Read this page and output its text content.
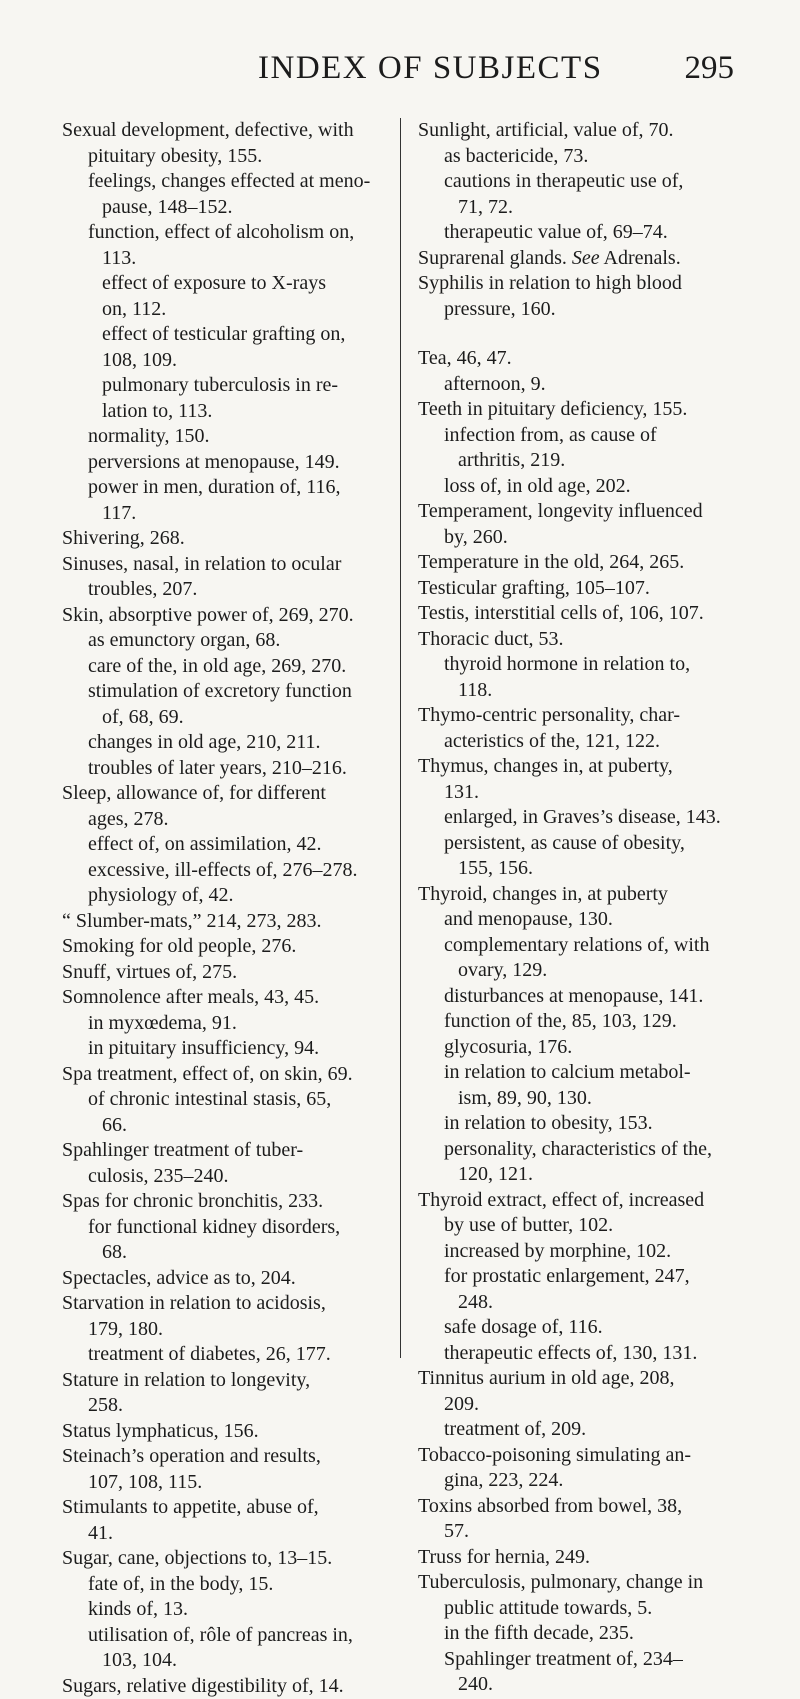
INDEX OF SUBJECTS 295
Sexual development, defective, with
pituitary obesity, 155.
feelings, changes effected at meno-
pause, 148–152.
function, effect of alcoholism on,
113.
effect of exposure to X-rays
on, 112.
effect of testicular grafting on,
108, 109.
pulmonary tuberculosis in re-
lation to, 113.
normality, 150.
perversions at menopause, 149.
power in men, duration of, 116,
117.
Shivering, 268.
Sinuses, nasal, in relation to ocular
troubles, 207.
Skin, absorptive power of, 269, 270.
as emunctory organ, 68.
care of the, in old age, 269, 270.
stimulation of excretory function
of, 68, 69.
changes in old age, 210, 211.
troubles of later years, 210–216.
Sleep, allowance of, for different
ages, 278.
effect of, on assimilation, 42.
excessive, ill-effects of, 276–278.
physiology of, 42.
“ Slumber-mats,” 214, 273, 283.
Smoking for old people, 276.
Snuff, virtues of, 275.
Somnolence after meals, 43, 45.
in myxœdema, 91.
in pituitary insufficiency, 94.
Spa treatment, effect of, on skin, 69.
of chronic intestinal stasis, 65,
66.
Spahlinger treatment of tuber-
culosis, 235–240.
Spas for chronic bronchitis, 233.
for functional kidney disorders,
68.
Spectacles, advice as to, 204.
Starvation in relation to acidosis,
179, 180.
treatment of diabetes, 26, 177.
Stature in relation to longevity,
258.
Status lymphaticus, 156.
Steinach’s operation and results,
107, 108, 115.
Stimulants to appetite, abuse of,
41.
Sugar, cane, objections to, 13–15.
fate of, in the body, 15.
kinds of, 13.
utilisation of, rôle of pancreas in,
103, 104.
Sugars, relative digestibility of, 14.
Sunlight, artificial, value of, 70.
as bactericide, 73.
cautions in therapeutic use of,
71, 72.
therapeutic value of, 69–74.
Suprarenal glands. See Adrenals.
Syphilis in relation to high blood
pressure, 160.
Tea, 46, 47.
afternoon, 9.
Teeth in pituitary deficiency, 155.
infection from, as cause of
arthritis, 219.
loss of, in old age, 202.
Temperament, longevity influenced
by, 260.
Temperature in the old, 264, 265.
Testicular grafting, 105–107.
Testis, interstitial cells of, 106, 107.
Thoracic duct, 53.
thyroid hormone in relation to,
118.
Thymo-centric personality, char-
acteristics of the, 121, 122.
Thymus, changes in, at puberty,
131.
enlarged, in Graves’s disease, 143.
persistent, as cause of obesity,
155, 156.
Thyroid, changes in, at puberty
and menopause, 130.
complementary relations of, with
ovary, 129.
disturbances at menopause, 141.
function of the, 85, 103, 129.
glycosuria, 176.
in relation to calcium metabol-
ism, 89, 90, 130.
in relation to obesity, 153.
personality, characteristics of the,
120, 121.
Thyroid extract, effect of, increased
by use of butter, 102.
increased by morphine, 102.
for prostatic enlargement, 247,
248.
safe dosage of, 116.
therapeutic effects of, 130, 131.
Tinnitus aurium in old age, 208,
209.
treatment of, 209.
Tobacco-poisoning simulating an-
gina, 223, 224.
Toxins absorbed from bowel, 38,
57.
Truss for hernia, 249.
Tuberculosis, pulmonary, change in
public attitude towards, 5.
in the fifth decade, 235.
Spahlinger treatment of, 234–
240.
